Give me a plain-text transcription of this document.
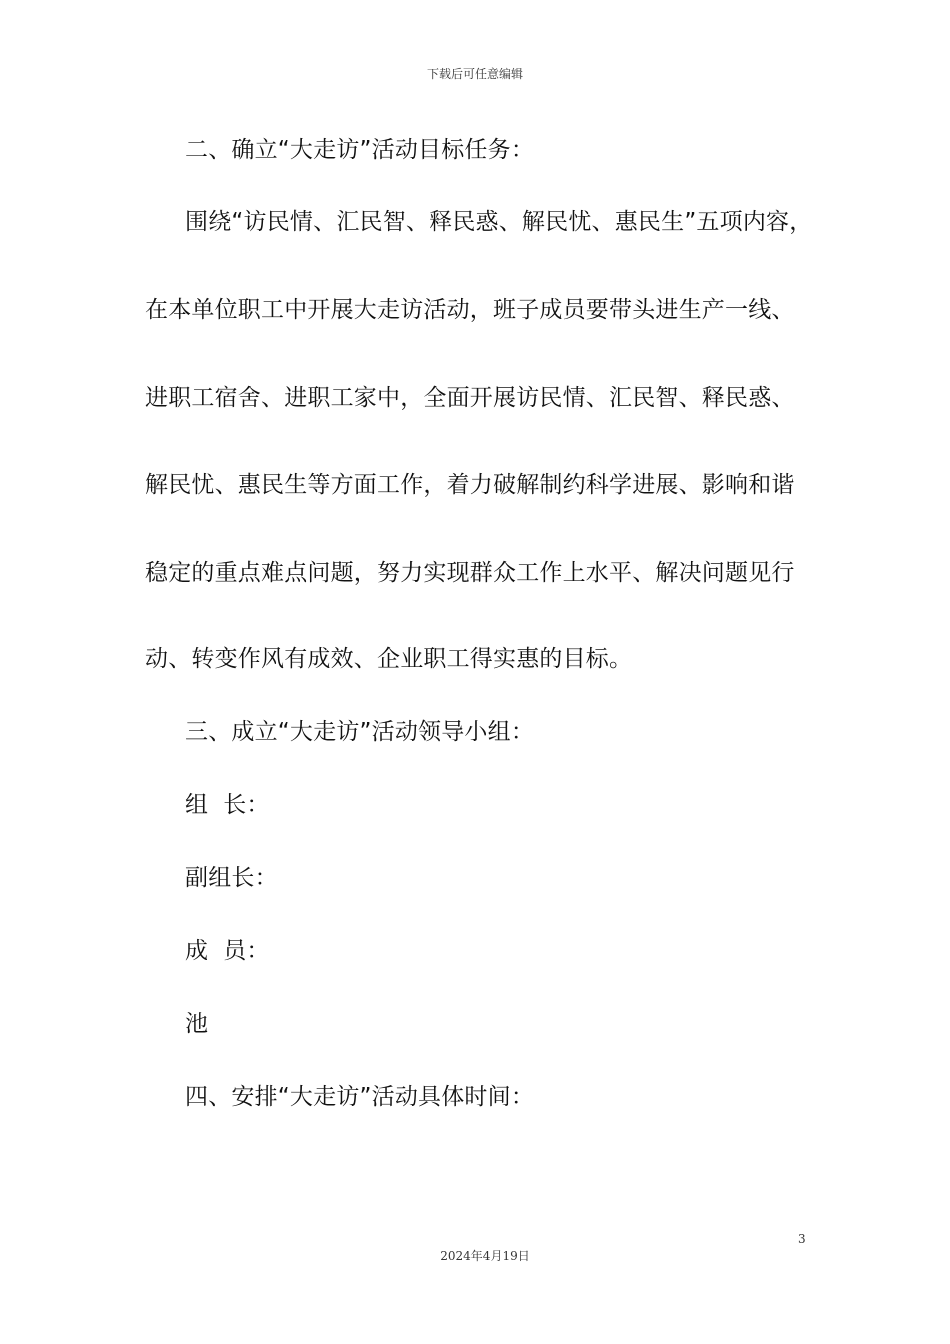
下载后可任意编辑
二、确立“大走访”活动目标任务：
围绕“访民情、汇民智、释民惑、解民忧、惠民生”五项内容，
在本单位职工中开展大走访活动，班子成员要带头进生产一线、
进职工宿舍、进职工家中，全面开展访民情、汇民智、释民惑、
解民忧、惠民生等方面工作，着力破解制约科学进展、影响和谐
稳定的重点难点问题，努力实现群众工作上水平、解决问题见行
动、转变作风有成效、企业职工得实惠的目标。
三、成立“大走访”活动领导小组：
组  长：
副组长：
成  员：
池
四、安排“大走访”活动具体时间：
3
2024年4月19日
